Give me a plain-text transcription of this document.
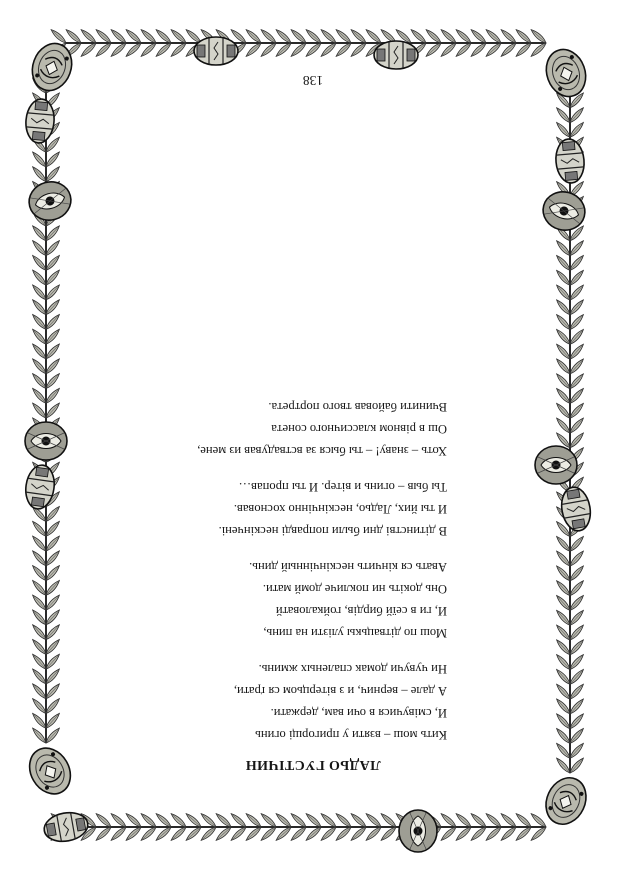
ЛАДЬО ГУСТІЧИН
Кить мош – взяти у пригорщі огинь
И, смівучися в очи вам, держати.
А дале – вернич, и з вітерцьом ся ґрати,
Ни чувучи домак спаленых жминь.
Мош по дітвацькы улізти на пинь,
И, ги в сеїй бирдів, гойкаловатй
Онь докіть ни покличе домй мати.
Авать ся кінчить нескінчінный динь.
В дітинстві дни были поправді нескінчені.
И ты йих, Ладьо, нескінчінно хосновав.
Ты быв – огинь и вітер. И ты пропав…
Хоть – знаву! – ты быся за вствадував из мене,
Ош в рівном классичного сонета
Вчинити байовав твого портрета.
138
